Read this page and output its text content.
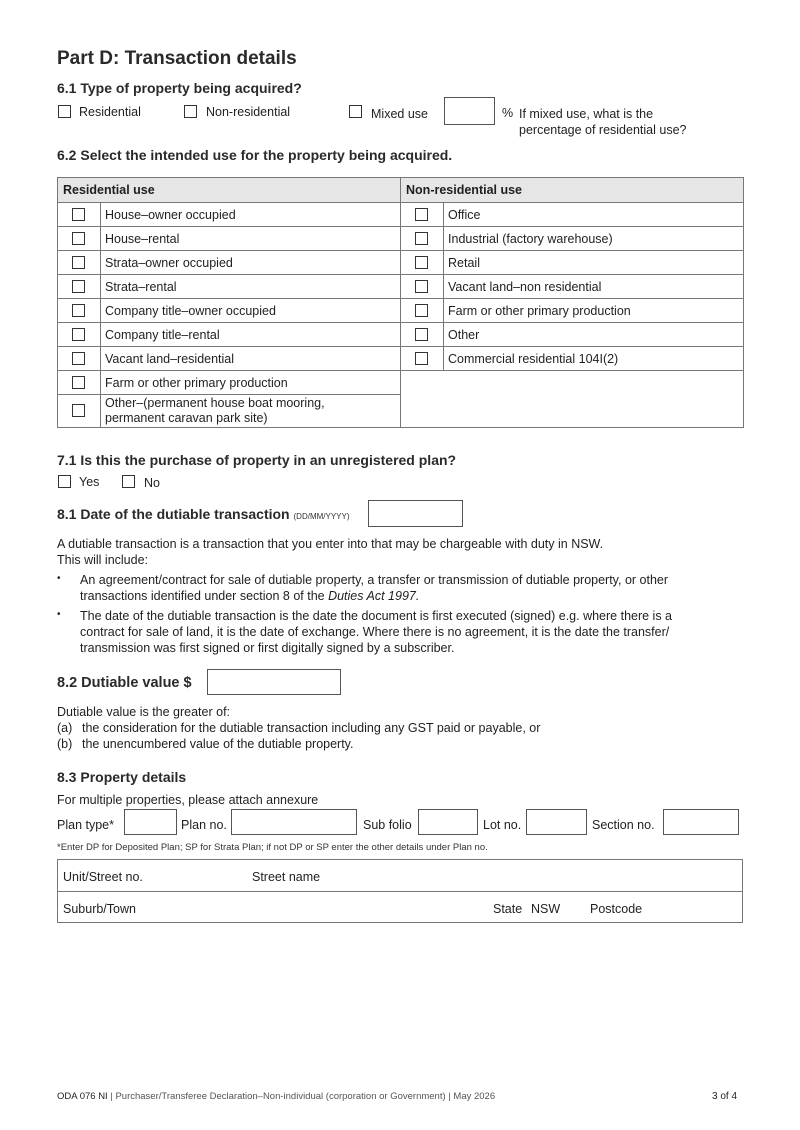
Part D: Transaction details
6.1 Type of property being acquired?
Residential	Non-residential	Mixed use	% If mixed use, what is the
percentage of residential use?
6.2 Select the intended use for the property being acquired.
Residential use		Non-residential use	

	House–owner occupied		Office

	House–rental		Industrial (factory warehouse)

	Strata–owner occupied		Retail

	Strata–rental		Vacant land–non residential

	Company title–owner occupied		Farm or other primary production

	Company title–rental		Other

	Vacant land–residential		Commercial residential 104I(2)

	Farm or other primary production		

	Other–(permanent house boat mooring,
permanent caravan park site)		
7.1 Is this the purchase of property in an unregistered plan?
Yes	No
8.1 Date of the dutiable transaction (DD/MM/YYYY)
A dutiable transaction is a transaction that you enter into that may be chargeable with duty in NSW.
This will include:
• An agreement/contract for sale of dutiable property, a transfer or transmission of dutiable property, or other
transactions identified under section 8 of the Duties Act 1997.
• The date of the dutiable transaction is the date the document is first executed (signed) e.g. where there is a
contract for sale of land, it is the date of exchange. Where there is no agreement, it is the date the transfer/
transmission was first signed or first digitally signed by a subscriber.
8.2 Dutiable value $
Dutiable value is the greater of:
(a) the consideration for the dutiable transaction including any GST paid or payable, or
(b) the unencumbered value of the dutiable property.
8.3 Property details
For multiple properties, please attach annexure
Plan type*	Plan no.	Sub folio	Lot no.	Section no.
*Enter DP for Deposited Plan; SP for Strata Plan; if not DP or SP enter the other details under Plan no.
Unit/Street no.	Street name
Suburb/Town	State NSW Postcode
ODA 076 NI | Purchaser/Transferee Declaration–Non-individual (corporation or Government) | May 2026	3 of 4
